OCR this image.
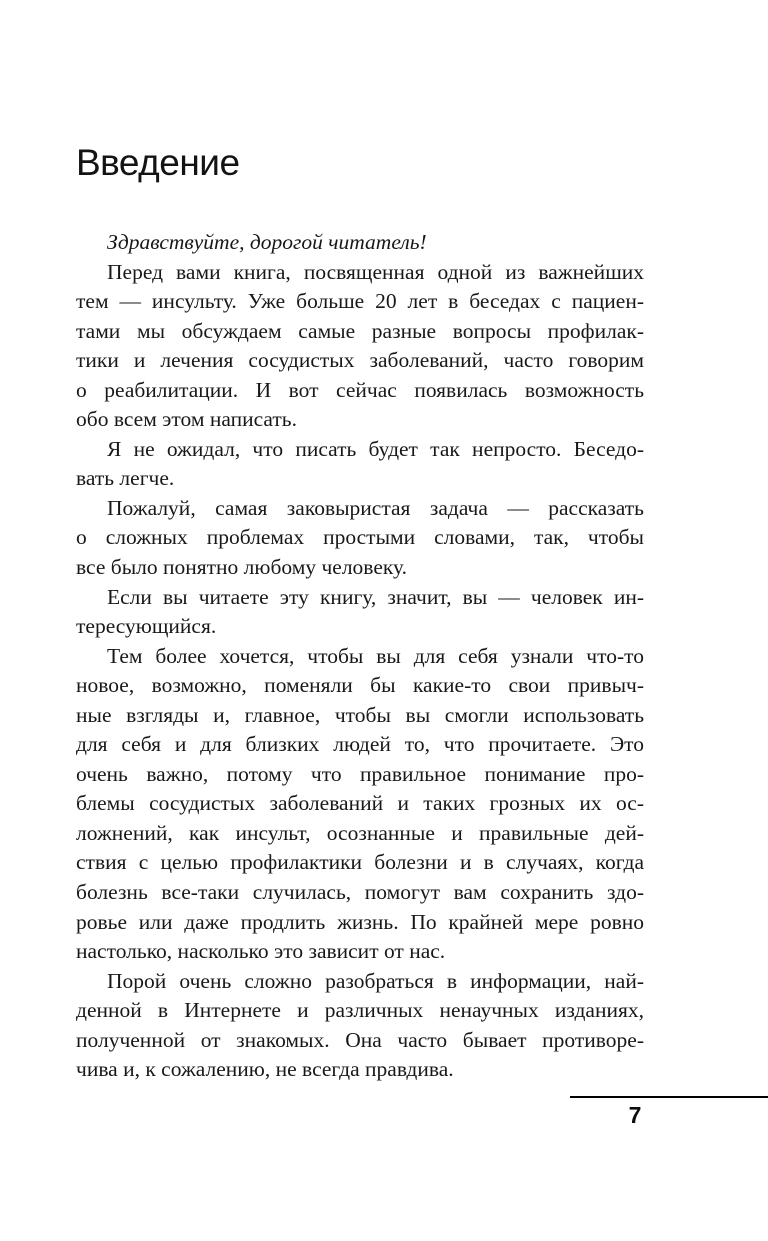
Введение
Здравствуйте, дорогой читатель!
Перед вами книга, посвященная одной из важнейших
тем — инсульту. Уже больше 20 лет в беседах с пациен-
тами мы обсуждаем самые разные вопросы профилак-
тики и лечения сосудистых заболеваний, часто говорим
о реабилитации. И вот сейчас появилась возможность
обо всем этом написать.
Я не ожидал, что писать будет так непросто. Беседо-
вать легче.
Пожалуй, самая заковыристая задача — рассказать
о сложных проблемах простыми словами, так, чтобы
все было понятно любому человеку.
Если вы читаете эту книгу, значит, вы — человек ин-
тересующийся.
Тем более хочется, чтобы вы для себя узнали что-то
новое, возможно, поменяли бы какие-то свои привыч-
ные взгляды и, главное, чтобы вы смогли использовать
для себя и для близких людей то, что прочитаете. Это
очень важно, потому что правильное понимание про-
блемы сосудистых заболеваний и таких грозных их ос-
ложнений, как инсульт, осознанные и правильные дей-
ствия с целью профилактики болезни и в случаях, когда
болезнь все-таки случилась, помогут вам сохранить здо-
ровье или даже продлить жизнь. По крайней мере ровно
настолько, насколько это зависит от нас.
Порой очень сложно разобраться в информации, най-
денной в Интернете и различных ненаучных изданиях,
полученной от знакомых. Она часто бывает противоре-
чива и, к сожалению, не всегда правдива.
7
